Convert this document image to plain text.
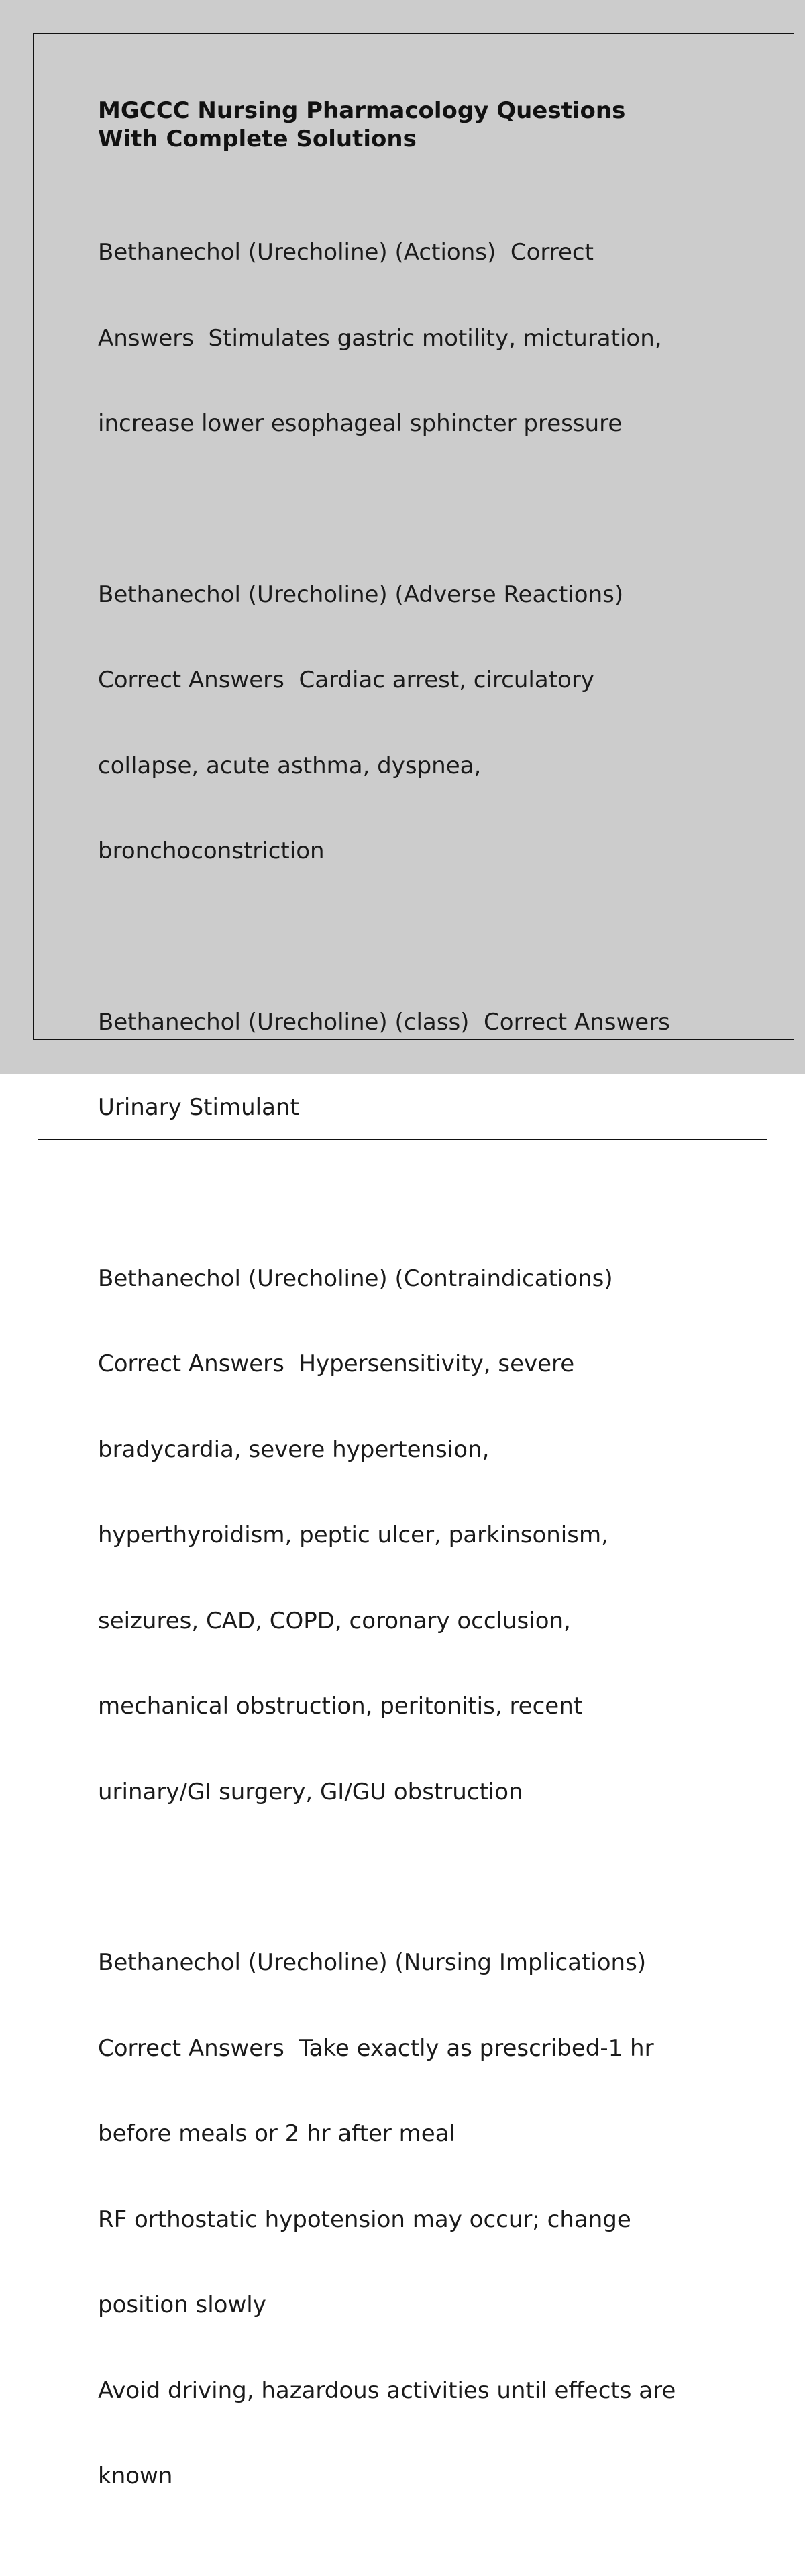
MGCCC Nursing Pharmacology Questions
With Complete Solutions

Bethanechol (Urecholine) (Actions)  Correct

Answers  Stimulates gastric motility, micturation,

increase lower esophageal sphincter pressure

Bethanechol (Urecholine) (Adverse Reactions)

Correct Answers  Cardiac arrest, circulatory

collapse, acute asthma, dyspnea,

bronchoconstriction

Bethanechol (Urecholine) (class)  Correct Answers

Urinary Stimulant

Bethanechol (Urecholine) (Contraindications)

Correct Answers  Hypersensitivity, severe

bradycardia, severe hypertension,

hyperthyroidism, peptic ulcer, parkinsonism,

seizures, CAD, COPD, coronary occlusion,

mechanical obstruction, peritonitis, recent

urinary/GI surgery, GI/GU obstruction

Bethanechol (Urecholine) (Nursing Implications)

Correct Answers  Take exactly as prescribed-1 hr

before meals or 2 hr after meal

RF orthostatic hypotension may occur; change

position slowly

Avoid driving, hazardous activities until effects are

known
